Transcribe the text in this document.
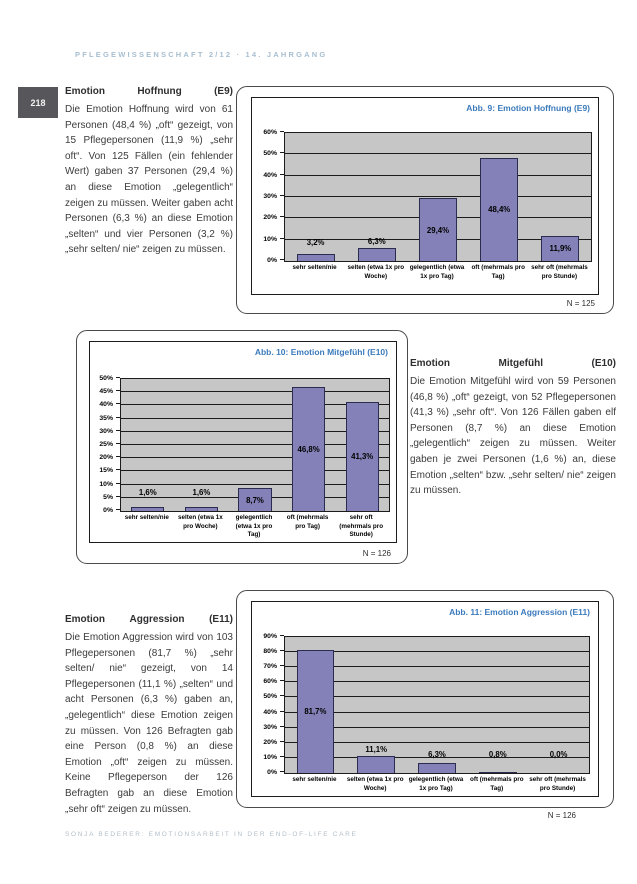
PFLEGEWISSENSCHAFT 2/12 · 14. JAHRGANG
218
Emotion	Hoffnung	(E9)
Die Emotion Hoffnung wird von 61 Personen (48,4 %) „oft“ gezeigt, von 15 Pflegepersonen (11,9 %) „sehr oft“. Von 125 Fällen (ein fehlender Wert) gaben 37 Personen (29,4 %) an diese Emotion „gelegentlich“ zeigen zu müssen. Weiter gaben acht Personen (6,3 %) an diese Emotion „selten“ und vier Personen (3,2 %) „sehr selten/ nie“ zeigen zu müssen.
Abb. 9: Emotion Hoffnung (E9)
0%
10%
20%
30%
40%
50%
60%
3,2%	6,3%
29,4%
48,4%
11,9%
sehr selten/nie	selten (etwa 1x pro Woche)
gelegentlich (etwa 1x pro Tag)
oft (mehrmals pro Tag)
sehr oft (mehrmals pro Stunde)
N = 125
Abb. 10: Emotion Mitgefühl (E10)
0%
5%
10%
15%
20%
25%
30%
35%
40%
45%
50%
1,6%	1,6%
8,7%
46,8%
41,3%
sehr selten/nie	selten (etwa 1x pro Woche)
gelegentlich (etwa 1x pro Tag)
oft (mehrmals pro Tag)
sehr oft (mehrmals pro Stunde)
N = 126
Emotion	Mitgefühl	(E10)
Die Emotion Mitgefühl wird von 59 Personen (46,8 %) „oft“ gezeigt, von 52 Pflegepersonen (41,3 %) „sehr oft“. Von 126 Fällen gaben elf Personen (8,7 %) an diese Emotion „gelegentlich“ zeigen zu müssen. Weiter gaben je zwei Personen (1,6 %) an, diese Emotion „selten“ bzw. „sehr selten/ nie“ zeigen zu müssen.
Emotion Aggression (E11)
Die Emotion Aggression wird von 103 Pflegepersonen (81,7 %) „sehr selten/ nie“ gezeigt, von 14 Pflegepersonen (11,1 %) „selten“ und acht Personen (6,3 %) gaben an, „gelegentlich“ diese Emotion zeigen zu müssen. Von 126 Befragten gab eine Person (0,8 %) an diese Emotion „oft“ zeigen zu müssen. Keine Pflegeperson der 126 Befragten gab an diese Emotion „sehr oft“ zeigen zu müssen.
Abb. 11: Emotion Aggression (E11)
0%
10%
20%
30%
40%
50%
60%
70%
80%
90%
81,7%
11,1%
6,3%	0,8%	0,0%
sehr selten/nie	selten (etwa 1x pro Woche)
gelegentlich (etwa 1x pro Tag)
oft (mehrmals pro Tag)
sehr oft (mehrmals pro Stunde)
N = 126
SONJA BEDERER: EMOTIONSARBEIT IN DER END-OF-LIFE CARE
